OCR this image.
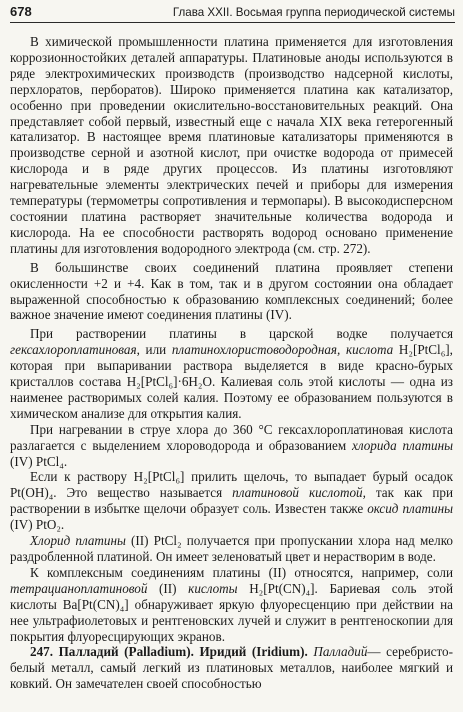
678	Глава XXII. Восьмая группа периодической системы

В химической промышленности платина применяется для изготовления коррозионностойких деталей аппаратуры. Платиновые аноды используются в ряде электрохимических производств (производство надсерной кислоты, перхлоратов, перборатов). Широко применяется платина как катализатор, особенно при проведении окислительно-восстановительных реакций. Она представляет собой первый, известный еще с начала XIX века гетерогенный катализатор. В настоящее время платиновые катализаторы применяются в производстве серной и азотной кислот, при очистке водорода от примесей кислорода и в ряде других процессов. Из платины изготовляют нагревательные элементы электрических печей и приборы для измерения температуры (термометры сопротивления и термопары). В высокодисперсном состоянии платина растворяет значительные количества водорода и кислорода. На ее способности растворять водород основано применение платины для изготовления водородного электрода (см. стр. 272).

В большинстве своих соединений платина проявляет степени окисленности +2 и +4. Как в том, так и в другом состоянии она обладает выраженной способностью к образованию комплексных соединений; более важное значение имеют соединения платины (IV).

При растворении платины в царской водке получается гексахлороплатиновая, или платинохлористоводородная, кислота H₂[PtCl₆], которая при выпаривании раствора выделяется в виде красно-бурых кристаллов состава H₂[PtCl₆]·6H₂O. Калиевая соль этой кислоты — одна из наименее растворимых солей калия. Поэтому ее образованием пользуются в химическом анализе для открытия калия.

При нагревании в струе хлора до 360 °С гексахлороплатиновая кислота разлагается с выделением хлороводорода и образованием хлорида платины (IV) PtCl₄.

Если к раствору H₂[PtCl₆] прилить щелочь, то выпадает бурый осадок Pt(OH)₄. Это вещество называется платиновой кислотой, так как при растворении в избытке щелочи образует соль. Известен также оксид платины (IV) PtO₂.

Хлорид платины (II) PtCl₂ получается при пропускании хлора над мелко раздробленной платиной. Он имеет зеленоватый цвет и нерастворим в воде.

К комплексным соединениям платины (II) относятся, например, соли тетрацианоплатиновой (II) кислоты H₂[Pt(CN)₄]. Бариевая соль этой кислоты Ba[Pt(CN)₄] обнаруживает яркую флуоресценцию при действии на нее ультрафиолетовых и рентгеновских лучей и служит в рентгеноскопии для покрытия флуоресцирующих экранов.

247. Палладий (Palladium). Иридий (Iridium). Палладий— серебристо-белый металл, самый легкий из платиновых металлов, наиболее мягкий и ковкий. Он замечателен своей способностью
